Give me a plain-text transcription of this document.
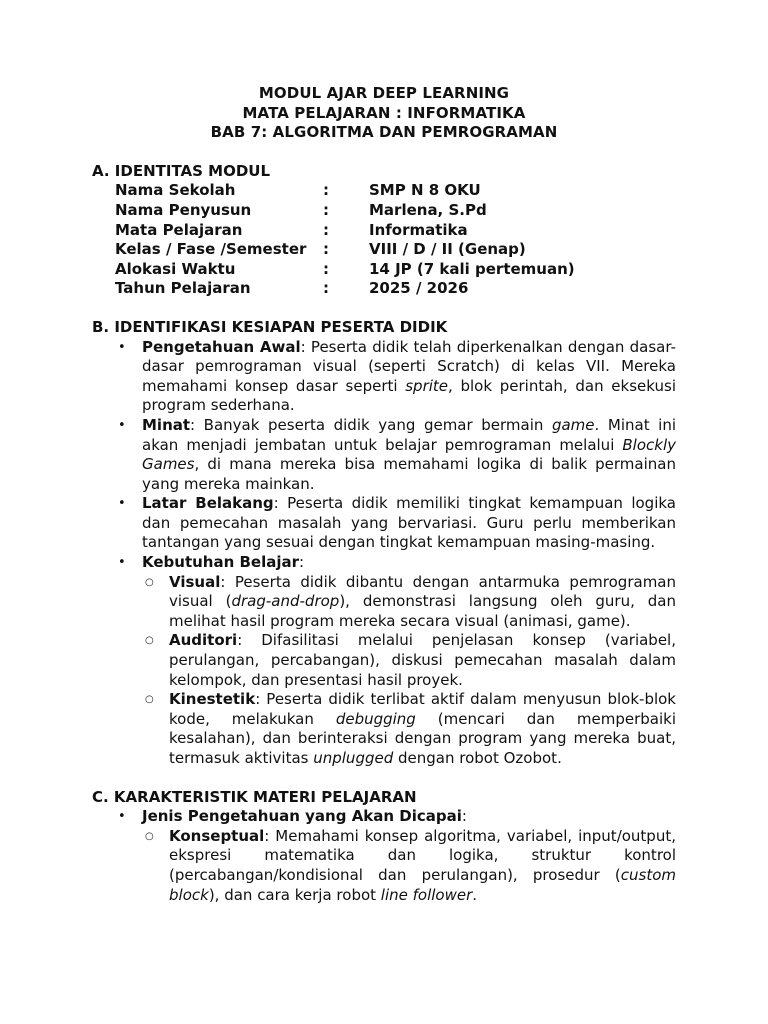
MODUL AJAR DEEP LEARNING
MATA PELAJARAN : INFORMATIKA
BAB 7: ALGORITMA DAN PEMROGRAMAN
A. IDENTITAS MODUL
Nama Sekolah	:	SMP N 8 OKU
Nama Penyusun	:	Marlena, S.Pd
Mata Pelajaran	:	Informatika
Kelas / Fase /Semester	:	VIII / D / II (Genap)
Alokasi Waktu	:	14 JP (7 kali pertemuan)
Tahun Pelajaran	:	2025 / 2026
B. IDENTIFIKASI KESIAPAN PESERTA DIDIK
• Pengetahuan Awal: Peserta didik telah diperkenalkan dengan dasar-dasar pemrograman visual (seperti Scratch) di kelas VII. Mereka memahami konsep dasar seperti sprite, blok perintah, dan eksekusi program sederhana.
• Minat: Banyak peserta didik yang gemar bermain game. Minat ini akan menjadi jembatan untuk belajar pemrograman melalui Blockly Games, di mana mereka bisa memahami logika di balik permainan yang mereka mainkan.
• Latar Belakang: Peserta didik memiliki tingkat kemampuan logika dan pemecahan masalah yang bervariasi. Guru perlu memberikan tantangan yang sesuai dengan tingkat kemampuan masing-masing.
• Kebutuhan Belajar:
○ Visual: Peserta didik dibantu dengan antarmuka pemrograman visual (drag-and-drop), demonstrasi langsung oleh guru, dan melihat hasil program mereka secara visual (animasi, game).
○ Auditori: Difasilitasi melalui penjelasan konsep (variabel, perulangan, percabangan), diskusi pemecahan masalah dalam kelompok, dan presentasi hasil proyek.
○ Kinestetik: Peserta didik terlibat aktif dalam menyusun blok-blok kode, melakukan debugging (mencari dan memperbaiki kesalahan), dan berinteraksi dengan program yang mereka buat, termasuk aktivitas unplugged dengan robot Ozobot.
C. KARAKTERISTIK MATERI PELAJARAN
• Jenis Pengetahuan yang Akan Dicapai:
○ Konseptual: Memahami konsep algoritma, variabel, input/output, ekspresi matematika dan logika, struktur kontrol (percabangan/kondisional dan perulangan), prosedur (custom block), dan cara kerja robot line follower.
